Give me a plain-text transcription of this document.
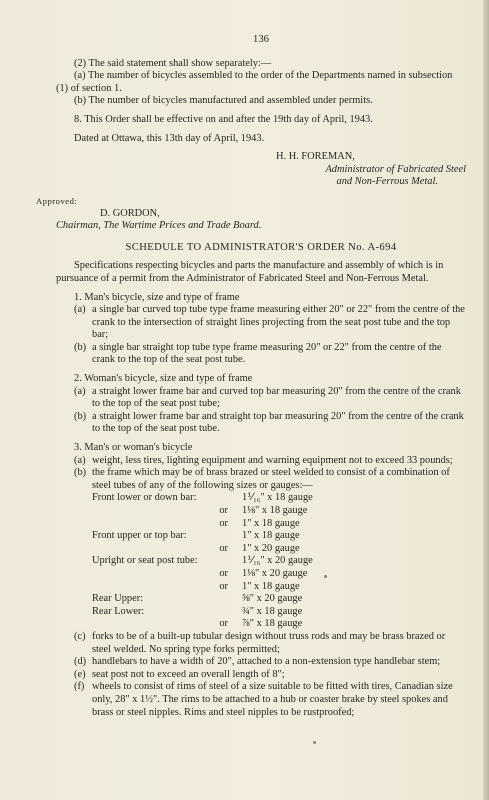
136

(2) The said statement shall show separately:—

(a) The number of bicycles assembled to the order of the Departments named in subsection (1) of section 1.

(b) The number of bicycles manufactured and assembled under permits.

8. This Order shall be effective on and after the 19th day of April, 1943.

Dated at Ottawa, this 13th day of April, 1943.

H. H. FOREMAN,

Administrator of Fabricated Steel

and Non-Ferrous Metal.

Approved:

D. GORDON,

Chairman, The Wartime Prices and Trade Board.

SCHEDULE TO ADMINISTRATOR'S ORDER No. A-694

Specifications respecting bicycles and parts the manufacture and assembly of which is in pursuance of a permit from the Administrator of Fabricated Steel and Non-Ferrous Metal.

1. Man's bicycle, size and type of frame

(a) a single bar curved top tube type frame measuring either 20" or 22" from the centre of the crank to the intersection of straight lines projecting from the seat post tube and the top bar;
(b) a single bar straight top tube type frame measuring 20" or 22" from the centre of the crank to the top of the seat post tube.

2. Woman's bicycle, size and type of frame

(a) a straight lower frame bar and curved top bar measuring 20" from the centre of the crank to the top of the seat post tube;
(b) a straight lower frame bar and straight top bar measuring 20" from the centre of the crank to the top of the seat post tube.

3. Man's or woman's bicycle

(a) weight, less tires, lighting equipment and warning equipment not to exceed 33 pounds;
(b) the frame which may be of brass brazed or steel welded to consist of a combination of steel tubes of any of the following sizes or gauges:—
Front lower or down bar:	1⅟₁₆" x 18 gauge
or	1⅛" x 18 gauge
or	1" x 18 gauge
Front upper or top bar:	1" x 18 gauge
or	1" x 20 gauge
Upright or seat post tube:	1⅟₁₆" x 20 gauge
or	1⅛" x 20 gauge
or	1" x 18 gauge
Rear Upper:	⅝" x 20 gauge
Rear Lower:	¾" x 18 gauge
or	⅞" x 18 gauge
(c) forks to be of a built-up tubular design without truss rods and may be brass brazed or steel welded. No spring type forks permitted;
(d) handlebars to have a width of 20", attached to a non-extension type handlebar stem;
(e) seat post not to exceed an overall length of 8";
(f) wheels to consist of rims of steel of a size suitable to be fitted with tires, Canadian size only, 28" x 1½". The rims to be attached to a hub or coaster brake by steel spokes and brass or steel nipples. Rims and steel nipples to be rustproofed;
